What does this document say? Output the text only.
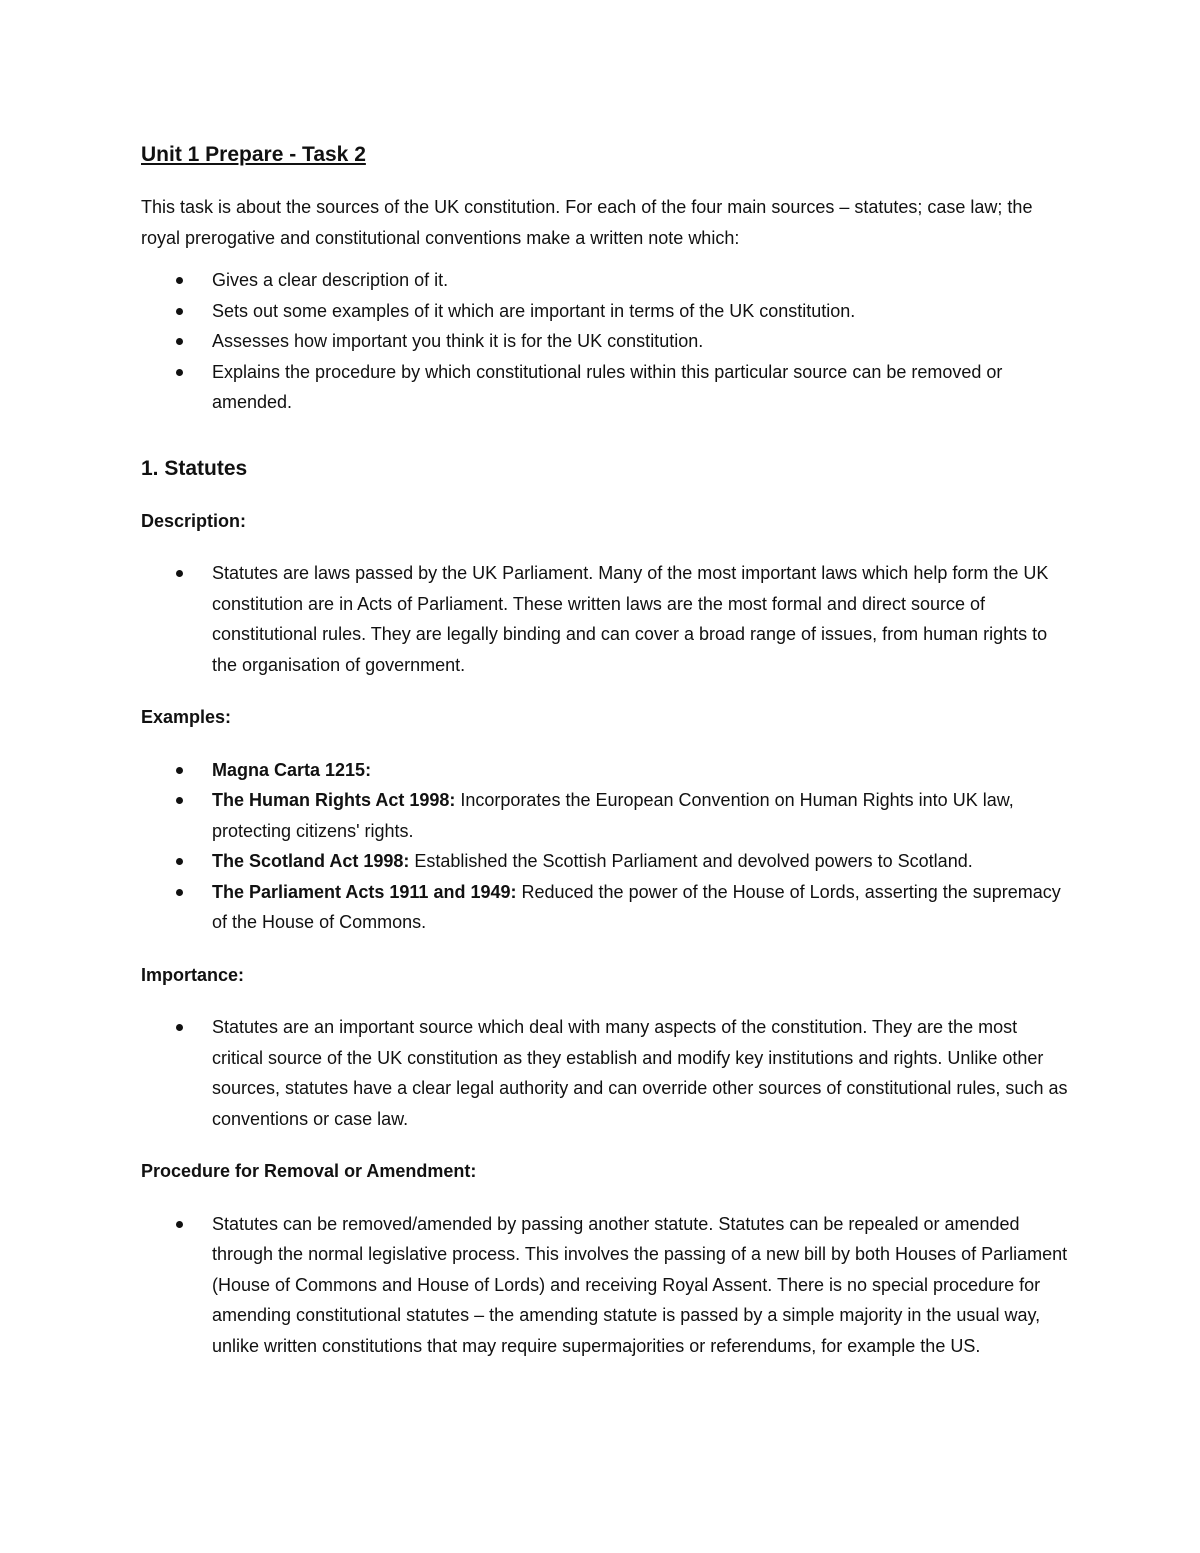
Unit 1 Prepare - Task 2

This task is about the sources of the UK constitution. For each of the four main sources – statutes; case law; the royal prerogative and constitutional conventions make a written note which:

Gives a clear description of it.
Sets out some examples of it which are important in terms of the UK constitution.
Assesses how important you think it is for the UK constitution.
Explains the procedure by which constitutional rules within this particular source can be removed or amended.
1. Statutes
Description:
Statutes are laws passed by the UK Parliament. Many of the most important laws which help form the UK constitution are in Acts of Parliament. These written laws are the most formal and direct source of constitutional rules. They are legally binding and can cover a broad range of issues, from human rights to the organisation of government.
Examples:
Magna Carta 1215:
The Human Rights Act 1998: Incorporates the European Convention on Human Rights into UK law, protecting citizens' rights.
The Scotland Act 1998: Established the Scottish Parliament and devolved powers to Scotland.
The Parliament Acts 1911 and 1949: Reduced the power of the House of Lords, asserting the supremacy of the House of Commons.
Importance:
Statutes are an important source which deal with many aspects of the constitution. They are the most critical source of the UK constitution as they establish and modify key institutions and rights. Unlike other sources, statutes have a clear legal authority and can override other sources of constitutional rules, such as conventions or case law.
Procedure for Removal or Amendment:
Statutes can be removed/amended by passing another statute. Statutes can be repealed or amended through the normal legislative process. This involves the passing of a new bill by both Houses of Parliament (House of Commons and House of Lords) and receiving Royal Assent. There is no special procedure for amending constitutional statutes – the amending statute is passed by a simple majority in the usual way, unlike written constitutions that may require supermajorities or referendums, for example the US.
